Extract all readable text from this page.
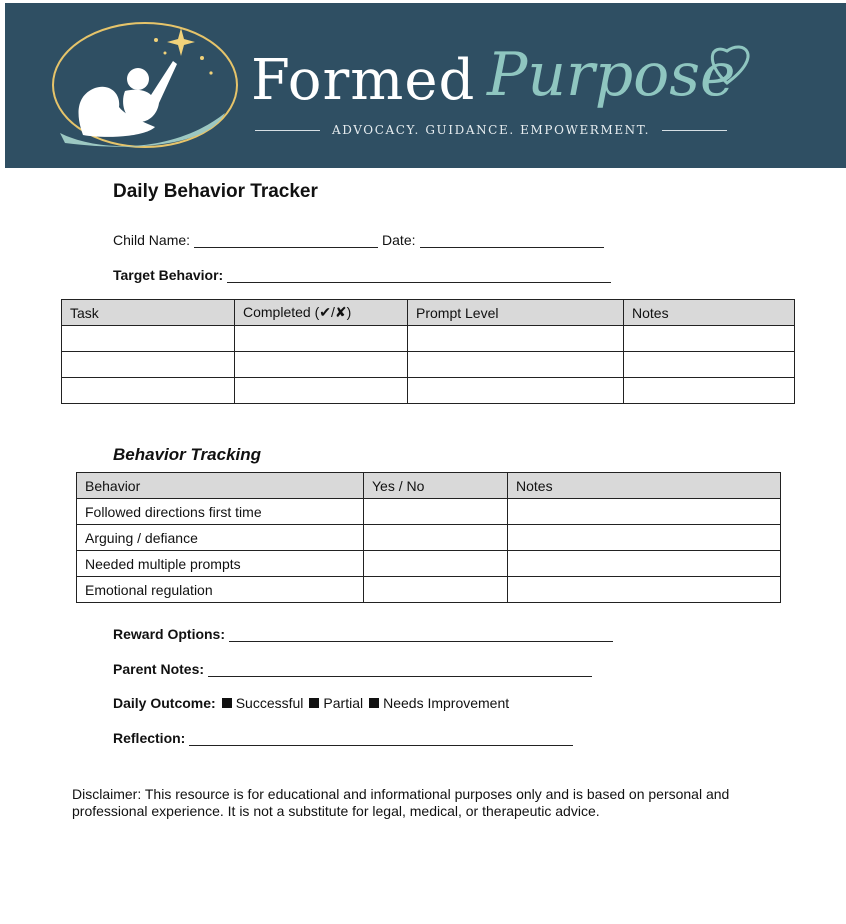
Formed Purpose
ADVOCACY. GUIDANCE. EMPOWERMENT.
Daily Behavior Tracker
Child Name:	Date:
Target Behavior:
Task	Completed (✔/✘)	Prompt Level	Notes

Behavior Tracking
Behavior	Yes / No	Notes
Followed directions first time		
Arguing / defiance		
Needed multiple prompts		
Emotional regulation		
Reward Options:
Parent Notes:
Daily Outcome: Successful Partial Needs Improvement
Reflection:
Disclaimer: This resource is for educational and informational purposes only and is based on personal and professional experience. It is not a substitute for legal, medical, or therapeutic advice.
